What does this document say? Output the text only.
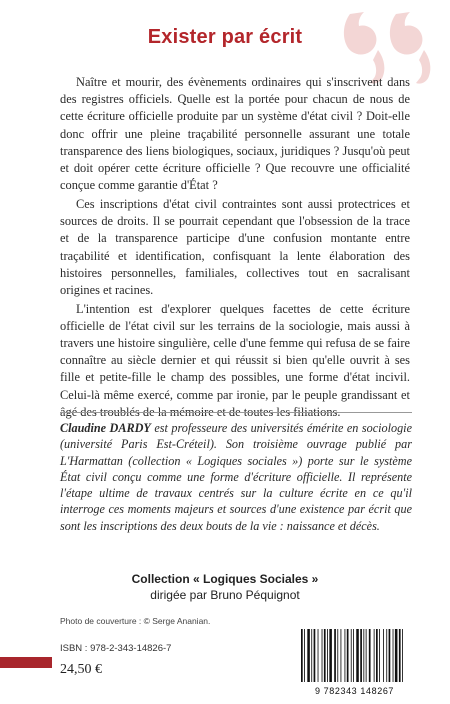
Exister par écrit

Naître et mourir, des évènements ordinaires qui s'inscrivent dans des registres officiels. Quelle est la portée pour chacun de nous de cette écriture officielle produite par un système d'état civil ? Doit-elle donc offrir une pleine traçabilité personnelle assurant une totale transparence des liens biologiques, sociaux, juridiques ? Jusqu'où peut et doit opérer cette écriture officielle ? Que recouvre une officialité conçue comme garantie d'État ?

Ces inscriptions d'état civil contraintes sont aussi protectrices et sources de droits. Il se pourrait cependant que l'obsession de la trace et de la transparence participe d'une confusion montante entre traçabilité et identification, confisquant la lente élaboration des histoires personnelles, familiales, collectives tout en sacralisant origines et racines.

L'intention est d'explorer quelques facettes de cette écriture officielle de l'état civil sur les terrains de la sociologie, mais aussi à travers une histoire singulière, celle d'une femme qui refusa de se faire connaître au siècle dernier et qui réussit si bien qu'elle ouvrit à ses fille et petite-fille le champ des possibles, une forme d'état incivil. Celui-là même exercé, comme par ironie, par le peuple grandissant et âgé des troublés de la mémoire et de toutes les filiations.

Claudine DARDY est professeure des universités émérite en sociologie (université Paris Est-Créteil). Son troisième ouvrage publié par L'Harmattan (collection « Logiques sociales ») porte sur le système État civil conçu comme une forme d'écriture officielle. Il représente l'étape ultime de travaux centrés sur la culture écrite en ce qu'il interroge ces moments majeurs et sources d'une existence par écrit que sont les inscriptions des deux bouts de la vie : naissance et décès.

Collection « Logiques Sociales »
dirigée par Bruno Péquignot
Photo de couverture : © Serge Ananian.
ISBN : 978-2-343-14826-7
24,50 €
9 782343 148267
